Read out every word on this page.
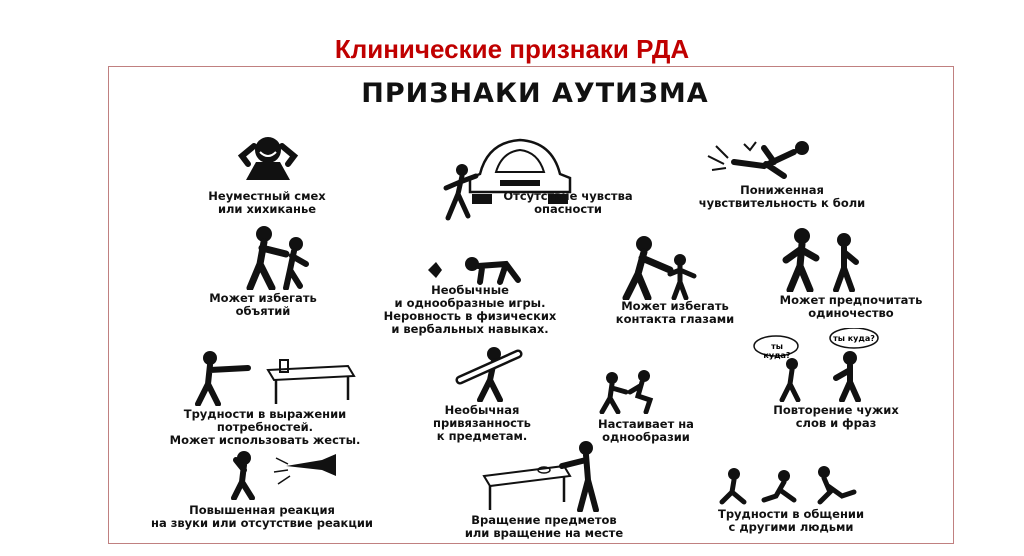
Клинические признаки РДА
ПРИЗНАКИ АУТИЗМА
ты куда?
ты куда?
Неуместный смех
или хихиканье
Отсутствие чувства
опасности
Пониженная
чувствительность к боли
Может избегать
объятий
Необычные
и однообразные игры.
Неровность в физических
и вербальных навыках.
Может избегать
контакта глазами
Может предпочитать
одиночество
Трудности в выражении
потребностей.
Может использовать жесты.
Необычная
привязанность
к предметам.
Настаивает на
однообразии
Повторение чужих
слов и фраз
Повышенная реакция
на звуки или отсутствие реакции	Вращение предметов
или вращение на месте
Трудности в общении
с другими людьми
